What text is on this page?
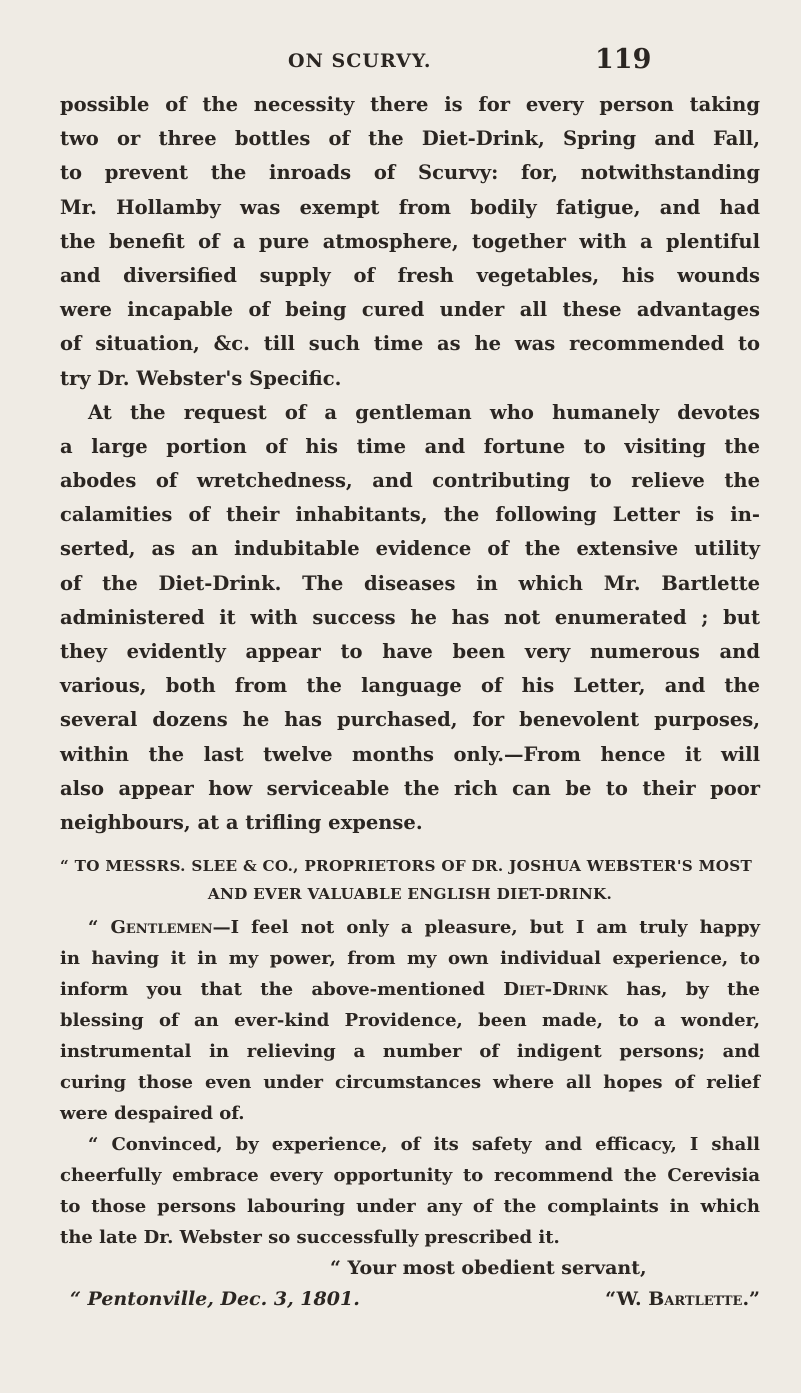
ON SCURVY.	119
possible of the necessity there is for every person taking
two or three bottles of the Diet-Drink, Spring and Fall,
to prevent the inroads of Scurvy: for, notwithstanding
Mr. Hollamby was exempt from bodily fatigue, and had
the benefit of a pure atmosphere, together with a plentiful
and diversified supply of fresh vegetables, his wounds
were incapable of being cured under all these advantages
of situation, &c. till such time as he was recommended to
try Dr. Webster's Specific.
At the request of a gentleman who humanely devotes
a large portion of his time and fortune to visiting the
abodes of wretchedness, and contributing to relieve the
calamities of their inhabitants, the following Letter is in-
serted, as an indubitable evidence of the extensive utility
of the Diet-Drink. The diseases in which Mr. Bartlette
administered it with success he has not enumerated ; but
they evidently appear to have been very numerous and
various, both from the language of his Letter, and the
several dozens he has purchased, for benevolent purposes,
within the last twelve months only.—From hence it will
also appear how serviceable the rich can be to their poor
neighbours, at a trifling expense.
“ TO MESSRS. SLEE & CO., PROPRIETORS OF DR. JOSHUA WEBSTER'S MOST
AND EVER VALUABLE ENGLISH DIET-DRINK.
“ Gentlemen—I feel not only a pleasure, but I am truly happy
in having it in my power, from my own individual experience, to
inform you that the above-mentioned Diet-Drink has, by the
blessing of an ever-kind Providence, been made, to a wonder,
instrumental in relieving a number of indigent persons; and
curing those even under circumstances where all hopes of relief
were despaired of.
“ Convinced, by experience, of its safety and efficacy, I shall
cheerfully embrace every opportunity to recommend the Cerevisia
to those persons labouring under any of the complaints in which
the late Dr. Webster so successfully prescribed it.
“ Your most obedient servant,
“ Pentonville, Dec. 3, 1801.	“W. Bartlette.”
